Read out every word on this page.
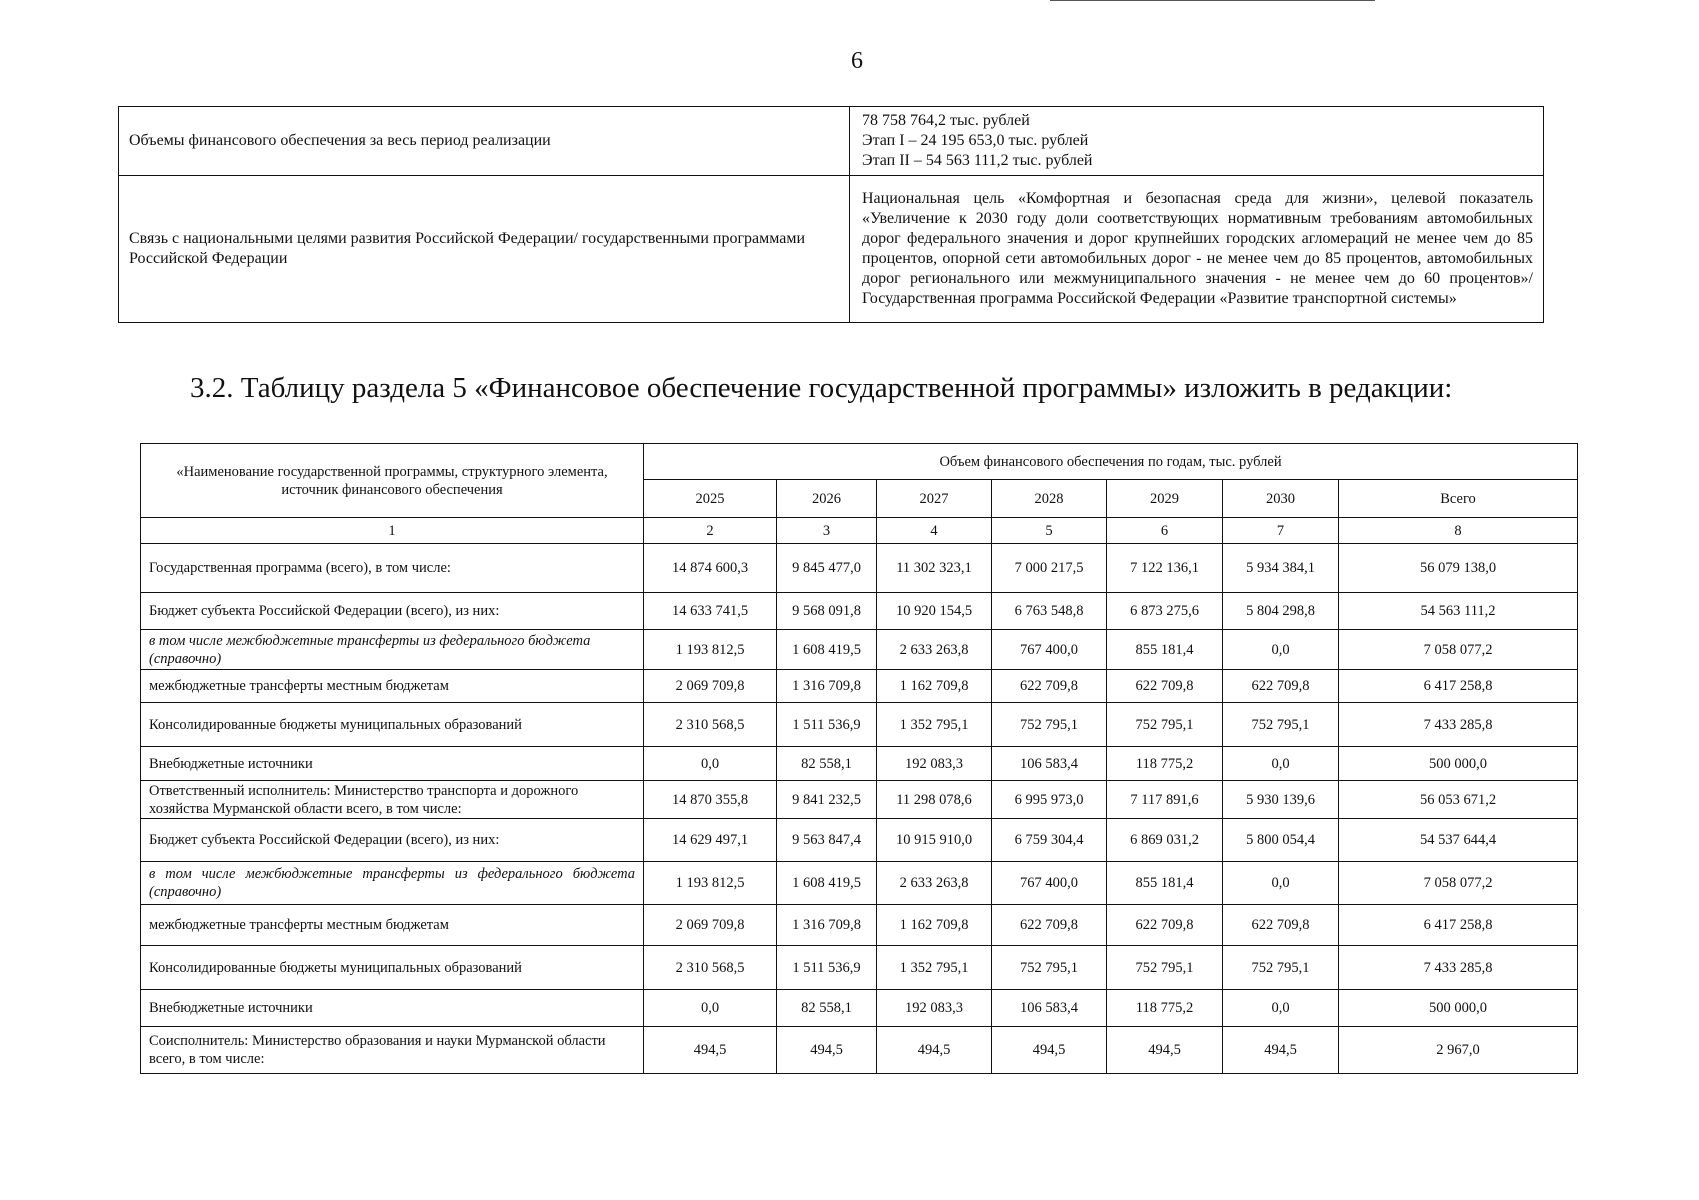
6
Объемы финансового обеспечения за весь период реализации	78 758 764,2 тыс. рублей
Этап I – 24 195 653,0 тыс. рублей
Этап II – 54 563 111,2 тыс. рублей

Связь с национальными целями развития Российской Федерации/ государственными программами Российской Федерации	Национальная цель «Комфортная и безопасная среда для жизни», целевой показатель «Увеличение к 2030 году доли соответствующих нормативным требованиям автомобильных дорог федерального значения и дорог крупнейших городских агломераций не менее чем до 85 процентов, опорной сети автомобильных дорог - не менее чем до 85 процентов, автомобильных дорог регионального или межмуниципального значения - не менее чем до 60 процентов»/Государственная программа Российской Федерации «Развитие транспортной системы»
3.2. Таблицу раздела 5 «Финансовое обеспечение государственной программы» изложить в редакции:
«Наименование государственной программы, структурного элемента, источник финансового обеспечения	Объем финансового обеспечения по годам, тыс. рублей						
	2025	2026	2027	2028	2029	2030	Всего
1	2	3	4	5	6	7	8
Государственная программа (всего), в том числе:	14 874 600,3	9 845 477,0	11 302 323,1	7 000 217,5	7 122 136,1	5 934 384,1	56 079 138,0
Бюджет субъекта Российской Федерации (всего), из них:	14 633 741,5	9 568 091,8	10 920 154,5	6 763 548,8	6 873 275,6	5 804 298,8	54 563 111,2
в том числе межбюджетные трансферты из федерального бюджета (справочно)	1 193 812,5	1 608 419,5	2 633 263,8	767 400,0	855 181,4	0,0	7 058 077,2
межбюджетные трансферты местным бюджетам	2 069 709,8	1 316 709,8	1 162 709,8	622 709,8	622 709,8	622 709,8	6 417 258,8
Консолидированные бюджеты муниципальных образований	2 310 568,5	1 511 536,9	1 352 795,1	752 795,1	752 795,1	752 795,1	7 433 285,8
Внебюджетные источники	0,0	82 558,1	192 083,3	106 583,4	118 775,2	0,0	500 000,0
Ответственный исполнитель: Министерство транспорта и дорожного хозяйства Мурманской области всего, в том числе:	14 870 355,8	9 841 232,5	11 298 078,6	6 995 973,0	7 117 891,6	5 930 139,6	56 053 671,2
Бюджет субъекта Российской Федерации (всего), из них:	14 629 497,1	9 563 847,4	10 915 910,0	6 759 304,4	6 869 031,2	5 800 054,4	54 537 644,4
в том числе межбюджетные трансферты из федерального бюджета (справочно)	1 193 812,5	1 608 419,5	2 633 263,8	767 400,0	855 181,4	0,0	7 058 077,2
межбюджетные трансферты местным бюджетам	2 069 709,8	1 316 709,8	1 162 709,8	622 709,8	622 709,8	622 709,8	6 417 258,8
Консолидированные бюджеты муниципальных образований	2 310 568,5	1 511 536,9	1 352 795,1	752 795,1	752 795,1	752 795,1	7 433 285,8
Внебюджетные источники	0,0	82 558,1	192 083,3	106 583,4	118 775,2	0,0	500 000,0
Соисполнитель: Министерство образования и науки Мурманской области всего, в том числе:	494,5	494,5	494,5	494,5	494,5	494,5	2 967,0
